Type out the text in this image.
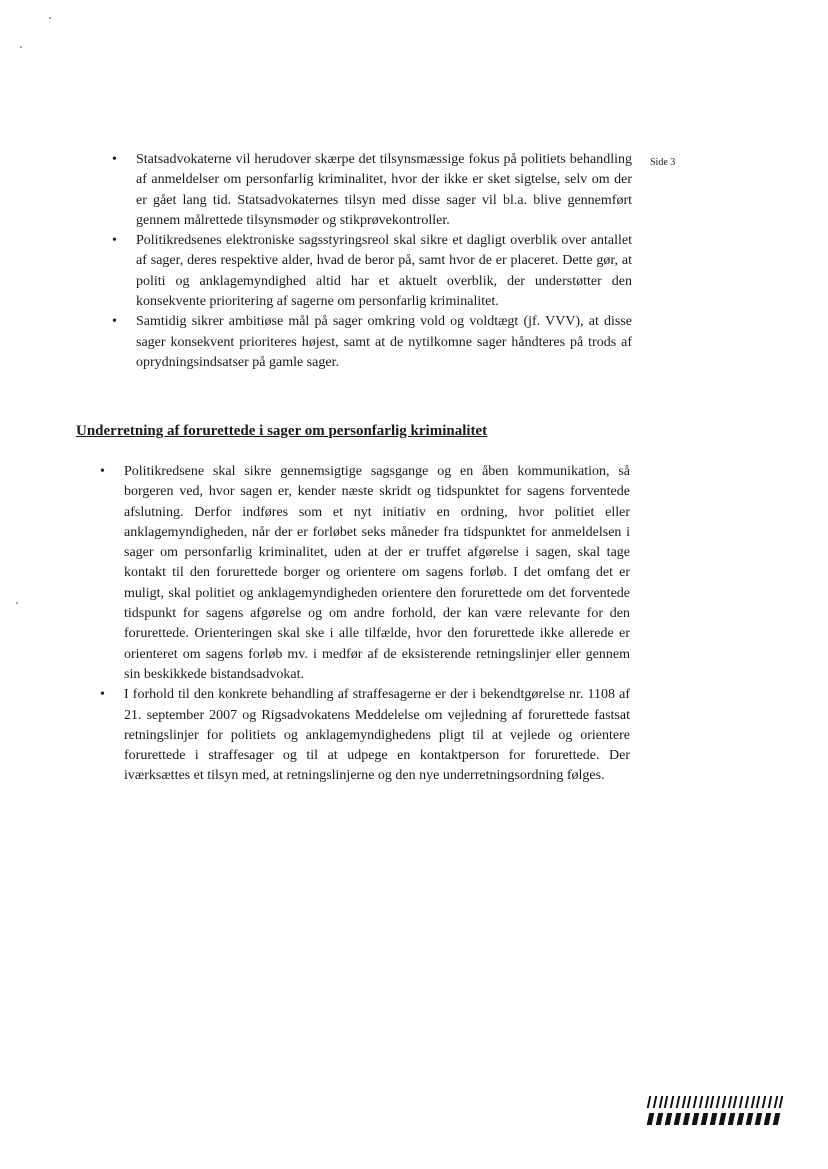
Side 3
• Statsadvokaterne vil herudover skærpe det tilsynsmæssige fokus på politiets behandling af anmeldelser om personfarlig kriminalitet, hvor der ikke er sket sigtelse, selv om der er gået lang tid. Statsadvokaternes tilsyn med disse sager vil bl.a. blive gennemført gennem målrettede tilsynsmøder og stikprøvekontroller.
• Politikredsenes elektroniske sagsstyringsreol skal sikre et dagligt overblik over antallet af sager, deres respektive alder, hvad de beror på, samt hvor de er placeret. Dette gør, at politi og anklagemyndighed altid har et aktuelt overblik, der understøtter den konsekvente prioritering af sagerne om personfarlig kriminalitet.
• Samtidig sikrer ambitiøse mål på sager omkring vold og voldtægt (jf. VVV), at disse sager konsekvent prioriteres højest, samt at de nytilkomne sager håndteres på trods af oprydningsindsatser på gamle sager.
Underretning af forurettede i sager om personfarlig kriminalitet
• Politikredsene skal sikre gennemsigtige sagsgange og en åben kommunikation, så borgeren ved, hvor sagen er, kender næste skridt og tidspunktet for sagens forventede afslutning. Derfor indføres som et nyt initiativ en ordning, hvor politiet eller anklagemyndigheden, når der er forløbet seks måneder fra tidspunktet for anmeldelsen i sager om personfarlig kriminalitet, uden at der er truffet afgørelse i sagen, skal tage kontakt til den forurettede borger og orientere om sagens forløb. I det omfang det er muligt, skal politiet og anklagemyndigheden orientere den forurettede om det forventede tidspunkt for sagens afgørelse og om andre forhold, der kan være relevante for den forurettede. Orienteringen skal ske i alle tilfælde, hvor den forurettede ikke allerede er orienteret om sagens forløb mv. i medfør af de eksisterende retningslinjer eller gennem sin beskikkede bistandsadvokat.
• I forhold til den konkrete behandling af straffesagerne er der i bekendtgørelse nr. 1108 af 21. september 2007 og Rigsadvokatens Meddelelse om vejledning af forurettede fastsat retningslinjer for politiets og anklagemyndighedens pligt til at vejlede og orientere forurettede i straffesager og til at udpege en kontaktperson for forurettede. Der iværksættes et tilsyn med, at retningslinjerne og den nye underretningsordning følges.
